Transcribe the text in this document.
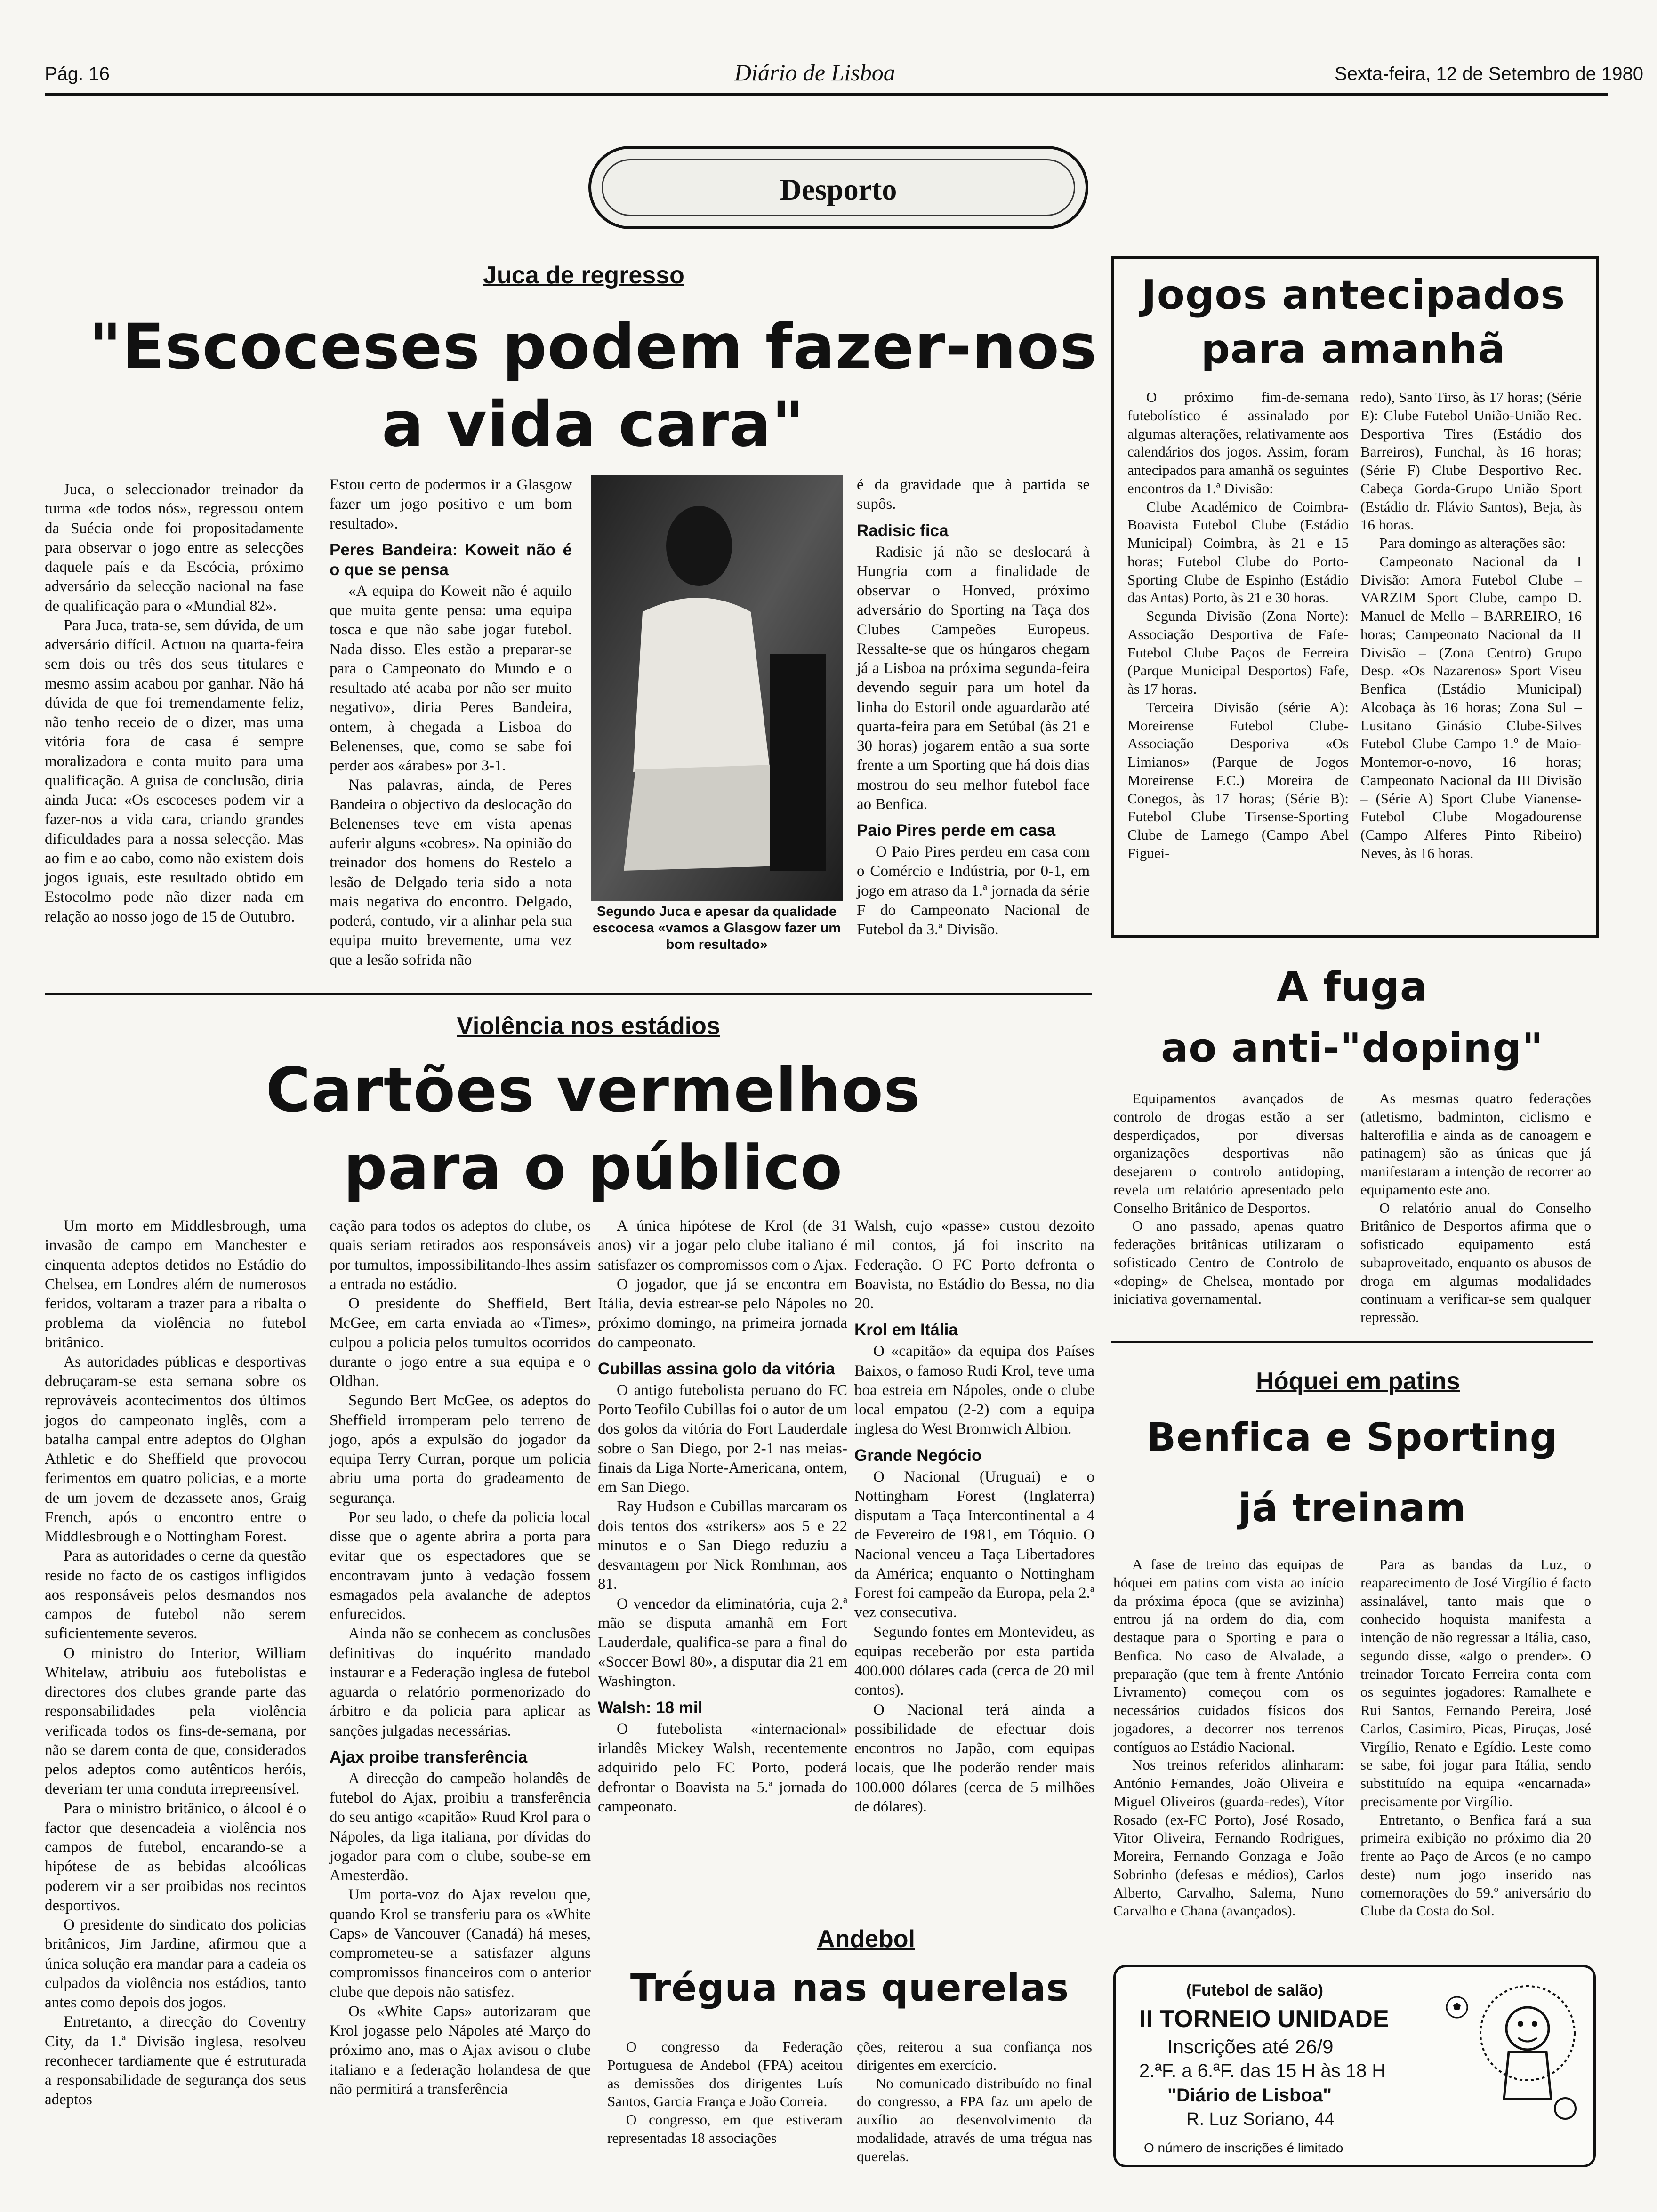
Pág. 16	Diário de Lisboa	Sexta-feira, 12 de Setembro de 1980
Desporto
Juca de regresso
"Escoceses podem fazer-nos
a vida cara"

Juca, o seleccionador treinador da turma «de todos nós», regressou ontem da Suécia onde foi propositadamente para observar o jogo entre as selecções daquele país e da Escócia, próximo adversário da selecção nacional na fase de qualificação para o «Mundial 82».

Para Juca, trata-se, sem dúvida, de um adversário difícil. Actuou na quarta-feira sem dois ou três dos seus titulares e mesmo assim acabou por ganhar. Não há dúvida de que foi tremendamente feliz, não tenho receio de o dizer, mas uma vitória fora de casa é sempre moralizadora e conta muito para uma qualificação. A guisa de conclusão, diria ainda Juca: «Os escoceses podem vir a fazer-nos a vida cara, criando grandes dificuldades para a nossa selecção. Mas ao fim e ao cabo, como não existem dois jogos iguais, este resultado obtido em Estocolmo pode não dizer nada em relação ao nosso jogo de 15 de Outubro.

Estou certo de podermos ir a Glasgow fazer um jogo positivo e um bom resultado».

Peres Bandeira: Koweit não é o que se pensa

«A equipa do Koweit não é aquilo que muita gente pensa: uma equipa tosca e que não sabe jogar futebol. Nada disso. Eles estão a preparar-se para o Campeonato do Mundo e o resultado até acaba por não ser muito negativo», diria Peres Bandeira, ontem, à chegada a Lisboa do Belenenses, que, como se sabe foi perder aos «árabes» por 3-1.

Nas palavras, ainda, de Peres Bandeira o objectivo da deslocação do Belenenses teve em vista apenas auferir alguns «cobres». Na opinião do treinador dos homens do Restelo a lesão de Delgado teria sido a nota mais negativa do encontro. Delgado, poderá, contudo, vir a alinhar pela sua equipa muito brevemente, uma vez que a lesão sofrida não

Segundo Juca e apesar da qualidade escocesa «vamos a Glasgow fazer um bom resultado»

é da gravidade que à partida se supôs.

Radisic fica

Radisic já não se deslocará à Hungria com a finalidade de observar o Honved, próximo adversário do Sporting na Taça dos Clubes Campeões Europeus. Ressalte-se que os húngaros chegam já a Lisboa na próxima segunda-feira devendo seguir para um hotel da linha do Estoril onde aguardarão até quarta-feira para em Setúbal (às 21 e 30 horas) jogarem então a sua sorte frente a um Sporting que há dois dias mostrou do seu melhor futebol face ao Benfica.

Paio Pires perde em casa

O Paio Pires perdeu em casa com o Comércio e Indústria, por 0-1, em jogo em atraso da 1.ª jornada da série F do Campeonato Nacional de Futebol da 3.ª Divisão.

Jogos antecipados
para amanhã

O próximo fim-de-semana futebolístico é assinalado por algumas alterações, relativamente aos calendários dos jogos. Assim, foram antecipados para amanhã os seguintes encontros da 1.ª Divisão:

Clube Académico de Coimbra-Boavista Futebol Clube (Estádio Municipal) Coimbra, às 21 e 15 horas; Futebol Clube do Porto-Sporting Clube de Espinho (Estádio das Antas) Porto, às 21 e 30 horas.

Segunda Divisão (Zona Norte): Associação Desportiva de Fafe-Futebol Clube Paços de Ferreira (Parque Municipal Desportos) Fafe, às 17 horas.

Terceira Divisão (série A): Moreirense Futebol Clube-Associação Desporiva «Os Limianos» (Parque de Jogos Moreirense F.C.) Moreira de Conegos, às 17 horas; (Série B): Futebol Clube Tirsense-Sporting Clube de Lamego (Campo Abel Figuei-

redo), Santo Tirso, às 17 horas; (Série E): Clube Futebol União-União Rec. Desportiva Tires (Estádio dos Barreiros), Funchal, às 16 horas; (Série F) Clube Desportivo Rec. Cabeça Gorda-Grupo União Sport (Estádio dr. Flávio Santos), Beja, às 16 horas.

Para domingo as alterações são:

Campeonato Nacional da I Divisão: Amora Futebol Clube – VARZIM Sport Clube, campo D. Manuel de Mello – BARREIRO, 16 horas; Campeonato Nacional da II Divisão – (Zona Centro) Grupo Desp. «Os Nazarenos» Sport Viseu Benfica (Estádio Municipal) Alcobaça às 16 horas; Zona Sul – Lusitano Ginásio Clube-Silves Futebol Clube Campo 1.º de Maio-Montemor-o-novo, 16 horas; Campeonato Nacional da III Divisão – (Série A) Sport Clube Vianense-Futebol Clube Mogadourense (Campo Alferes Pinto Ribeiro) Neves, às 16 horas.

Violência nos estádios
Cartões vermelhos
para o público

Um morto em Middlesbrough, uma invasão de campo em Manchester e cinquenta adeptos detidos no Estádio do Chelsea, em Londres além de numerosos feridos, voltaram a trazer para a ribalta o problema da violência no futebol britânico.

As autoridades públicas e desportivas debruçaram-se esta semana sobre os reprováveis acontecimentos dos últimos jogos do campeonato inglês, com a batalha campal entre adeptos do Olghan Athletic e do Sheffield que provocou ferimentos em quatro policias, e a morte de um jovem de dezassete anos, Graig French, após o encontro entre o Middlesbrough e o Nottingham Forest.

Para as autoridades o cerne da questão reside no facto de os castigos infligidos aos responsáveis pelos desmandos nos campos de futebol não serem suficientemente severos.

O ministro do Interior, William Whitelaw, atribuiu aos futebolistas e directores dos clubes grande parte das responsabilidades pela violência verificada todos os fins-de-semana, por não se darem conta de que, considerados pelos adeptos como autênticos heróis, deveriam ter uma conduta irrepreensível.

Para o ministro britânico, o álcool é o factor que desencadeia a violência nos campos de futebol, encarando-se a hipótese de as bebidas alcoólicas poderem vir a ser proibidas nos recintos desportivos.

O presidente do sindicato dos policias britânicos, Jim Jardine, afirmou que a única solução era mandar para a cadeia os culpados da violência nos estádios, tanto antes como depois dos jogos.

Entretanto, a direcção do Coventry City, da 1.ª Divisão inglesa, resolveu reconhecer tardiamente que é estruturada a responsabilidade de segurança dos seus adeptos

cação para todos os adeptos do clube, os quais seriam retirados aos responsáveis por tumultos, impossibilitando-lhes assim a entrada no estádio.

O presidente do Sheffield, Bert McGee, em carta enviada ao «Times», culpou a policia pelos tumultos ocorridos durante o jogo entre a sua equipa e o Oldhan.

Segundo Bert McGee, os adeptos do Sheffield irromperam pelo terreno de jogo, após a expulsão do jogador da equipa Terry Curran, porque um policia abriu uma porta do gradeamento de segurança.

Por seu lado, o chefe da policia local disse que o agente abrira a porta para evitar que os espectadores que se encontravam junto à vedação fossem esmagados pela avalanche de adeptos enfurecidos.

Ainda não se conhecem as conclusões definitivas do inquérito mandado instaurar e a Federação inglesa de futebol aguarda o relatório pormenorizado do árbitro e da policia para aplicar as sanções julgadas necessárias.

Ajax proibe transferência

A direcção do campeão holandês de futebol do Ajax, proibiu a transferência do seu antigo «capitão» Ruud Krol para o Nápoles, da liga italiana, por dívidas do jogador para com o clube, soube-se em Amesterdão.

Um porta-voz do Ajax revelou que, quando Krol se transferiu para os «White Caps» de Vancouver (Canadá) há meses, comprometeu-se a satisfazer alguns compromissos financeiros com o anterior clube que depois não satisfez.

Os «White Caps» autorizaram que Krol jogasse pelo Nápoles até Março do próximo ano, mas o Ajax avisou o clube italiano e a federação holandesa de que não permitirá a transferência

A única hipótese de Krol (de 31 anos) vir a jogar pelo clube italiano é satisfazer os compromissos com o Ajax.

O jogador, que já se encontra em Itália, devia estrear-se pelo Nápoles no próximo domingo, na primeira jornada do campeonato.

Cubillas assina golo da vitória

O antigo futebolista peruano do FC Porto Teofilo Cubillas foi o autor de um dos golos da vitória do Fort Lauderdale sobre o San Diego, por 2-1 nas meias-finais da Liga Norte-Americana, ontem, em San Diego.

Ray Hudson e Cubillas marcaram os dois tentos dos «strikers» aos 5 e 22 minutos e o San Diego reduziu a desvantagem por Nick Romhman, aos 81.

O vencedor da eliminatória, cuja 2.ª mão se disputa amanhã em Fort Lauderdale, qualifica-se para a final do «Soccer Bowl 80», a disputar dia 21 em Washington.

Walsh: 18 mil

O futebolista «internacional» irlandês Mickey Walsh, recentemente adquirido pelo FC Porto, poderá defrontar o Boavista na 5.ª jornada do campeonato.

Walsh, cujo «passe» custou dezoito mil contos, já foi inscrito na Federação. O FC Porto defronta o Boavista, no Estádio do Bessa, no dia 20.

Krol em Itália

O «capitão» da equipa dos Países Baixos, o famoso Rudi Krol, teve uma boa estreia em Nápoles, onde o clube local empatou (2-2) com a equipa inglesa do West Bromwich Albion.

Grande Negócio

O Nacional (Uruguai) e o Nottingham Forest (Inglaterra) disputam a Taça Intercontinental a 4 de Fevereiro de 1981, em Tóquio. O Nacional venceu a Taça Libertadores da América; enquanto o Nottingham Forest foi campeão da Europa, pela 2.ª vez consecutiva.

Segundo fontes em Montevideu, as equipas receberão por esta partida 400.000 dólares cada (cerca de 20 mil contos).

O Nacional terá ainda a possibilidade de efectuar dois encontros no Japão, com equipas locais, que lhe poderão render mais 100.000 dólares (cerca de 5 milhões de dólares).

A fuga
ao anti-"doping"

Equipamentos avançados de controlo de drogas estão a ser desperdiçados, por diversas organizações desportivas não desejarem o controlo antidoping, revela um relatório apresentado pelo Conselho Britânico de Desportos.

O ano passado, apenas quatro federações britânicas utilizaram o sofisticado Centro de Controlo de «doping» de Chelsea, montado por iniciativa governamental.

As mesmas quatro federações (atletismo, badminton, ciclismo e halterofilia e ainda as de canoagem e patinagem) são as únicas que já manifestaram a intenção de recorrer ao equipamento este ano.

O relatório anual do Conselho Britânico de Desportos afirma que o sofisticado equipamento está subaproveitado, enquanto os abusos de droga em algumas modalidades continuam a verificar-se sem qualquer repressão.

Hóquei em patins
Benfica e Sporting
já treinam

A fase de treino das equipas de hóquei em patins com vista ao início da próxima época (que se avizinha) entrou já na ordem do dia, com destaque para o Sporting e para o Benfica. No caso de Alvalade, a preparação (que tem à frente António Livramento) começou com os necessários cuidados físicos dos jogadores, a decorrer nos terrenos contíguos ao Estádio Nacional.

Nos treinos referidos alinharam: António Fernandes, João Oliveira e Miguel Oliveiros (guarda-redes), Vítor Rosado (ex-FC Porto), José Rosado, Vitor Oliveira, Fernando Rodrigues, Moreira, Fernando Gonzaga e João Sobrinho (defesas e médios), Carlos Alberto, Carvalho, Salema, Nuno Carvalho e Chana (avançados).

Para as bandas da Luz, o reaparecimento de José Virgílio é facto assinalável, tanto mais que o conhecido hoquista manifesta a intenção de não regressar a Itália, caso, segundo disse, «algo o prender». O treinador Torcato Ferreira conta com os seguintes jogadores: Ramalhete e Rui Santos, Fernando Pereira, José Carlos, Casimiro, Picas, Piruças, José Virgílio, Renato e Egídio. Leste como se sabe, foi jogar para Itália, sendo substituído na equipa «encarnada» precisamente por Virgílio.

Entretanto, o Benfica fará a sua primeira exibição no próximo dia 20 frente ao Paço de Arcos (e no campo deste) num jogo inserido nas comemorações do 59.º aniversário do Clube da Costa do Sol.

Andebol
Trégua nas querelas

O congresso da Federação Portuguesa de Andebol (FPA) aceitou as demissões dos dirigentes Luís Santos, Garcia França e João Correia.

O congresso, em que estiveram representadas 18 associações

ções, reiterou a sua confiança nos dirigentes em exercício.

No comunicado distribuído no final do congresso, a FPA faz um apelo de auxílio ao desenvolvimento da modalidade, através de uma trégua nas querelas.

(Futebol de salão)
II TORNEIO UNIDADE
Inscrições até 26/9
2.ªF. a 6.ªF. das 15 H às 18 H
"Diário de Lisboa"
R. Luz Soriano, 44
O número de inscrições é limitado
